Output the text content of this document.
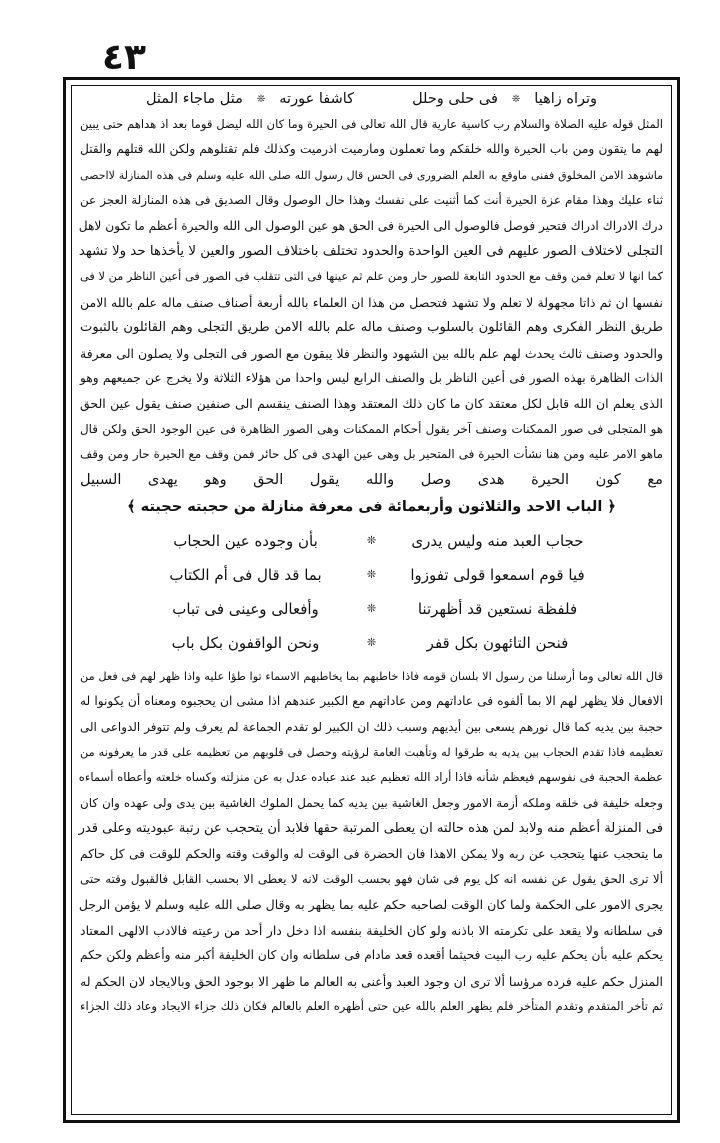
٤٣
وتراه زاهيا
❊
فى حلى وحلل
كاشفا عورته
❊
مثل ماجاء المثل
المثل قوله عليه الصلاة والسلام رب كاسية عارية قال الله تعالى فى الحيرة وما كان الله ليضل قوما بعد اذ هداهم حتى يبين
لهم ما يتقون ومن باب الحيرة والله خلقكم وما تعملون ومارميت اذرميت وكذلك فلم تقتلوهم ولكن الله قتلهم والقتل
ماشوهد الامن المخلوق ففنى ماوقع به العلم الضرورى فى الحس قال رسول الله صلى الله عليه وسلم فى هذه المنازلة لااحصى
ثناء عليك وهذا مقام عزة الحيرة أنت كما أثنيت على نفسك وهذا حال الوصول وقال الصديق فى هذه المنازلة العجز عن
درك الادراك ادراك فتحير فوصل فالوصول الى الحيرة فى الحق هو عين الوصول الى الله والحيرة أعظم ما تكون لاهل
التجلى لاختلاف الصور عليهم فى العين الواحدة والحدود تختلف باختلاف الصور والعين لا يأخذها حد ولا تشهد
كما انها لا تعلم فمن وقف مع الحدود التابعة للصور حار ومن علم ثم عينها فى التى تتقلب فى الصور فى أعين الناظر من لا فى
نفسها ان ثم ذاتا مجهولة لا تعلم ولا تشهد فتحصل من هذا ان العلماء بالله أربعة أصناف صنف ماله علم بالله الامن
طريق النظر الفكرى وهم القائلون بالسلوب وصنف ماله علم بالله الامن طريق التجلى وهم القائلون بالثبوت
والحدود وصنف ثالث يحدث لهم علم بالله بين الشهود والنظر فلا يبقون مع الصور فى التجلى ولا يصلون الى معرفة
الذات الظاهرة بهذه الصور فى أعين الناظر بل والصنف الرابع ليس واحدا من هؤلاء الثلاثة ولا يخرج عن جميعهم وهو
الذى يعلم ان الله قابل لكل معتقد كان ما كان ذلك المعتقد وهذا الصنف ينقسم الى صنفين صنف يقول عين الحق
هو المتجلى فى صور الممكنات وصنف آخر يقول أحكام الممكنات وهى الصور الظاهرة فى عين الوجود الحق ولكن قال
ماهو الامر عليه ومن هنا نشأت الحيرة فى المتحير بل وهى عين الهدى فى كل حائر فمن وقف مع الحيرة حار ومن وقف
مع كون الحيرة هدى وصل والله يقول الحق وهو يهدى السبيل
﴿ الباب الاحد والثلاثون وأربعمائة فى معرفة منازلة من حجبته حجبته ﴾
حجاب العبد منه وليس يدرى
❊
بأن وجوده عين الحجاب
فيا قوم اسمعوا قولى تفوزوا
❊
بما قد قال فى أم الكتاب
فلفظة نستعين قد أظهرتنا
❊
وأفعالى وعينى فى تباب
فنحن التائهون بكل قفر
❊
ونحن الواقفون بكل باب
قال الله تعالى وما أرسلنا من رسول الا بلسان قومه فاذا خاطبهم بما يخاطبهم الاسماء توا طؤا عليه واذا ظهر لهم فى فعل من
الافعال فلا يظهر لهم الا بما ألفوه فى عاداتهم ومن عاداتهم مع الكبير عندهم اذا مشى ان يحجبوه ومعناه أن يكونوا له
حجبة بين يديه كما قال نورهم يسعى بين أيديهم وسبب ذلك ان الكبير لو تقدم الجماعة لم يعرف ولم تتوفر الدواعى الى
تعظيمه فاذا تقدم الحجاب بين يديه به طرقوا له وتأهبت العامة لرؤيته وحصل فى قلوبهم من تعظيمه على قدر ما يعرفونه من
عظمة الحجبة فى نفوسهم فيعظم شأنه فاذا أراد الله تعظيم عبد عند عباده عدل به عن منزلته وكساه خلعته وأعطاه أسماءه
وجعله خليفة فى خلقه وملكه أزمة الامور وجعل الغاشية بين يديه كما يحمل الملوك الغاشية بين يدى ولى عهده وان كان
فى المنزلة أعظم منه ولابد لمن هذه حالته ان يعطى المرتبة حقها فلابد أن يتحجب عن رتبة عبوديته وعلى قدر
ما يتحجب عنها يتحجب عن ربه ولا يمكن الاهذا فان الحضرة فى الوقت له والوقت وقته والحكم للوقت فى كل حاكم
ألا ترى الحق يقول عن نفسه انه كل يوم فى شان فهو بحسب الوقت لانه لا يعطى الا بحسب القابل فالقبول وقته حتى
يجرى الامور على الحكمة ولما كان الوقت لصاحبه حكم عليه بما يظهر به وقال صلى الله عليه وسلم لا يؤمن الرجل
فى سلطانه ولا يقعد على تكرمته الا باذنه ولو كان الخليفة بنفسه اذا دخل دار أحد من رعيته فالادب الالهى المعتاد
يحكم عليه بأن يحكم عليه رب البيت فحيثما أقعده قعد مادام فى سلطانه وان كان الخليفة أكبر منه وأعظم ولكن حكم
المنزل حكم عليه فرده مرؤسا ألا ترى ان وجود العبد وأعنى به العالم ما ظهر الا بوجود الحق وبالايجاد لان الحكم له
ثم تأخر المتقدم وتقدم المتأخر فلم يظهر العلم بالله عين حتى أظهره العلم بالعالم فكان ذلك جزاء الايجاد وعاد ذلك الجزاء
